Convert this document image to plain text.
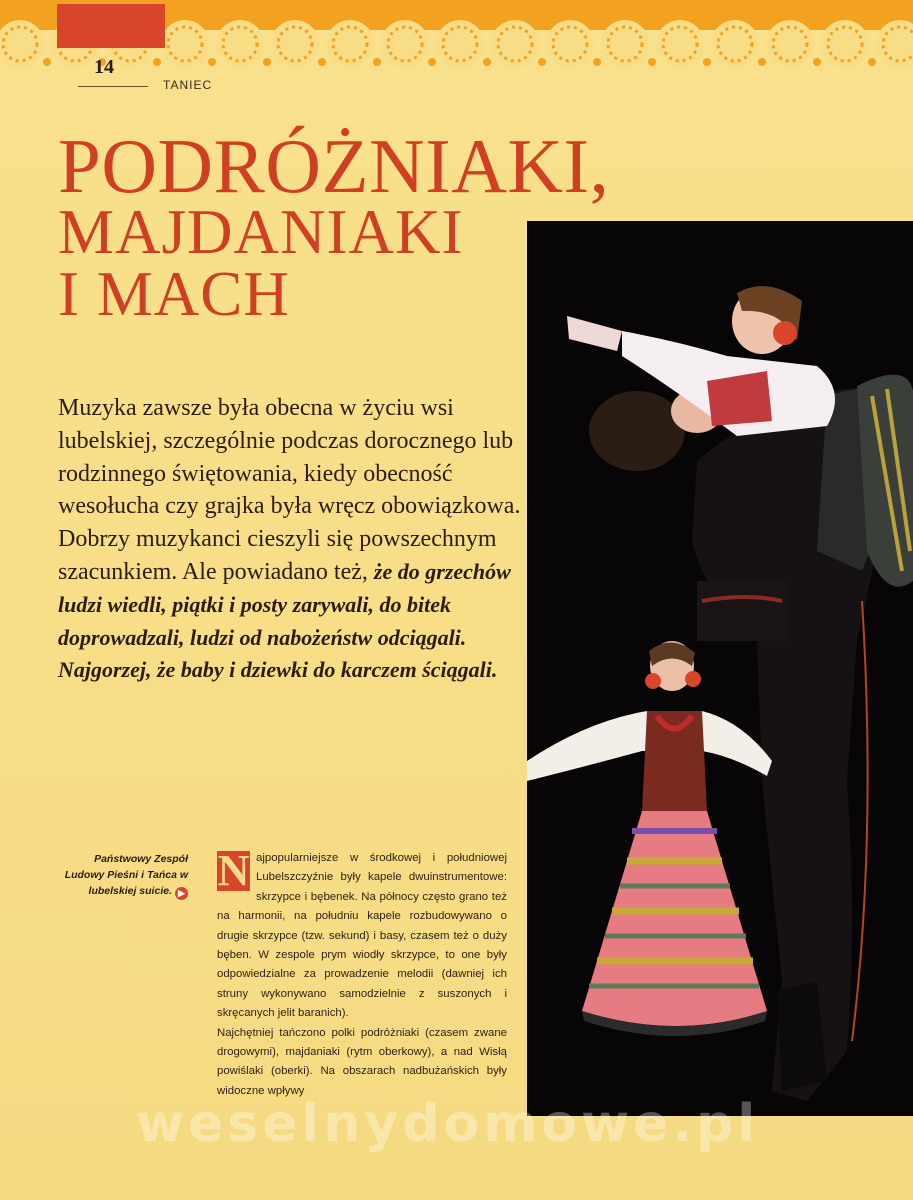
14
TANIEC
PODRÓŻNIAKI,
MAJDANIAKI
I MACH
Muzyka zawsze była obecna w życiu wsi lubelskiej, szczególnie podczas dorocznego lub rodzinnego świętowania, kiedy obecność wesołucha czy grajka była wręcz obowiązkowa. Dobrzy muzykanci cieszyli się powszechnym szacunkiem. Ale powiadano też, że do grzechów ludzi wiedli, piątki i posty zarywali, do bitek doprowadzali, ludzi od nabożeństw odciągali. Najgorzej, że baby i dziewki do karczem ściągali.
Państwowy Zespół Ludowy Pieśni i Tańca w lubelskiej suicie. ▶ N ajpopularniejsze w środkowej i południowej Lubelszczyźnie były kapele dwuinstrumentowe: skrzypce i bębenek. Na północy często grano też na harmonii, na południu kapele rozbudowywano o drugie skrzypce (tzw. sekund) i basy, czasem też o duży bęben. W zespole prym wiodły skrzypce, to one były odpowiedzialne za prowadzenie melodii (dawniej ich struny wykonywano samodzielnie z suszonych i skręcanych jelit baranich).

Najchętniej tańczono polki podróżniaki (czasem zwane drogowymi), majdaniaki (rytm oberkowy), a nad Wisłą powiślaki (oberki). Na obszarach nadbużańskich były widoczne wpływy

weselnydomowe.pl
